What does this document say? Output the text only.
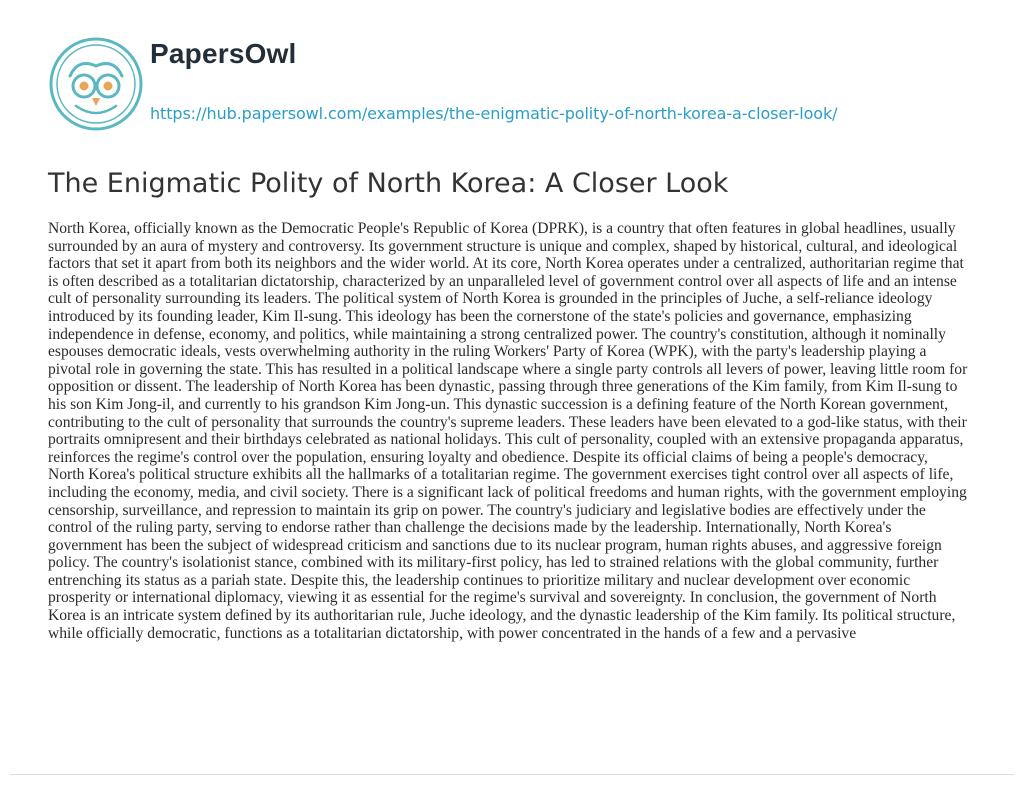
PapersOwl
https://hub.papersowl.com/examples/the-enigmatic-polity-of-north-korea-a-closer-look/
The Enigmatic Polity of North Korea: A Closer Look

North Korea, officially known as the Democratic People's Republic of Korea (DPRK), is a country that often features in global headlines, usually surrounded by an aura of mystery and controversy. Its government structure is unique and complex, shaped by historical, cultural, and ideological factors that set it apart from both its neighbors and the wider world. At its core, North Korea operates under a centralized, authoritarian regime that is often described as a totalitarian dictatorship, characterized by an unparalleled level of government control over all aspects of life and an intense cult of personality surrounding its leaders. The political system of North Korea is grounded in the principles of Juche, a self-reliance ideology introduced by its founding leader, Kim Il-sung. This ideology has been the cornerstone of the state's policies and governance, emphasizing independence in defense, economy, and politics, while maintaining a strong centralized power. The country's constitution, although it nominally espouses democratic ideals, vests overwhelming authority in the ruling Workers' Party of Korea (WPK), with the party's leadership playing a pivotal role in governing the state. This has resulted in a political landscape where a single party controls all levers of power, leaving little room for opposition or dissent. The leadership of North Korea has been dynastic, passing through three generations of the Kim family, from Kim Il-sung to his son Kim Jong-il, and currently to his grandson Kim Jong-un. This dynastic succession is a defining feature of the North Korean government, contributing to the cult of personality that surrounds the country's supreme leaders. These leaders have been elevated to a god-like status, with their portraits omnipresent and their birthdays celebrated as national holidays. This cult of personality, coupled with an extensive propaganda apparatus, reinforces the regime's control over the population, ensuring loyalty and obedience. Despite its official claims of being a people's democracy, North Korea's political structure exhibits all the hallmarks of a totalitarian regime. The government exercises tight control over all aspects of life, including the economy, media, and civil society. There is a significant lack of political freedoms and human rights, with the government employing censorship, surveillance, and repression to maintain its grip on power. The country's judiciary and legislative bodies are effectively under the control of the ruling party, serving to endorse rather than challenge the decisions made by the leadership. Internationally, North Korea's government has been the subject of widespread criticism and sanctions due to its nuclear program, human rights abuses, and aggressive foreign policy. The country's isolationist stance, combined with its military-first policy, has led to strained relations with the global community, further entrenching its status as a pariah state. Despite this, the leadership continues to prioritize military and nuclear development over economic prosperity or international diplomacy, viewing it as essential for the regime's survival and sovereignty. In conclusion, the government of North Korea is an intricate system defined by its authoritarian rule, Juche ideology, and the dynastic leadership of the Kim family. Its political structure, while officially democratic, functions as a totalitarian dictatorship, with power concentrated in the hands of a few and a pervasive
